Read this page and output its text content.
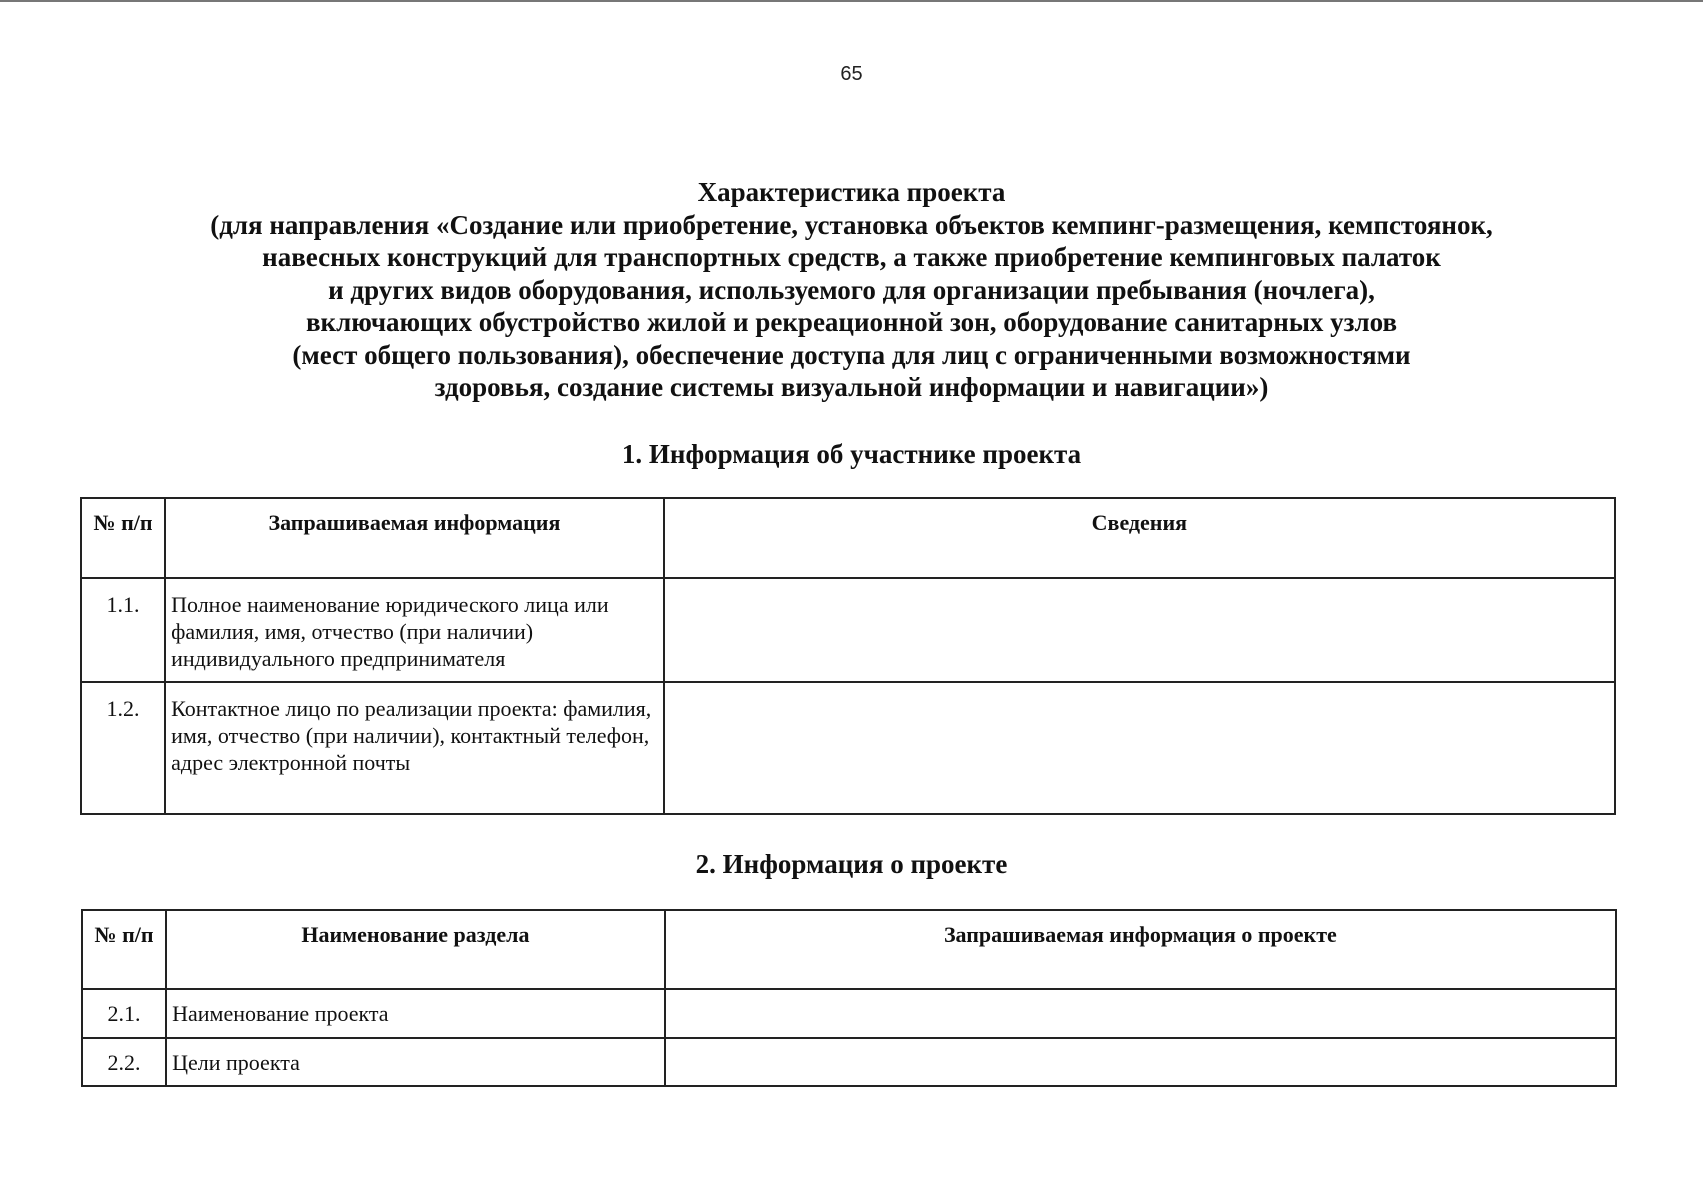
65
Характеристика проекта
(для направления «Создание или приобретение, установка объектов кемпинг-размещения, кемпстоянок,
навесных конструкций для транспортных средств, а также приобретение кемпинговых палаток
и других видов оборудования, используемого для организации пребывания (ночлега),
включающих обустройство жилой и рекреационной зон, оборудование санитарных узлов
(мест общего пользования), обеспечение доступа для лиц с ограниченными возможностями
здоровья, создание системы визуальной информации и навигации»)
1. Информация об участнике проекта
№ п/п	Запрашиваемая информация	Сведения
1.1.	Полное наименование юридического лица или фамилия, имя, отчество (при наличии) индивидуального предпринимателя	
1.2.	Контактное лицо по реализации проекта: фамилия, имя, отчество (при наличии), контактный телефон, адрес электронной почты	
2. Информация о проекте
№ п/п	Наименование раздела	Запрашиваемая информация о проекте
2.1.	Наименование проекта	
2.2.	Цели проекта	
